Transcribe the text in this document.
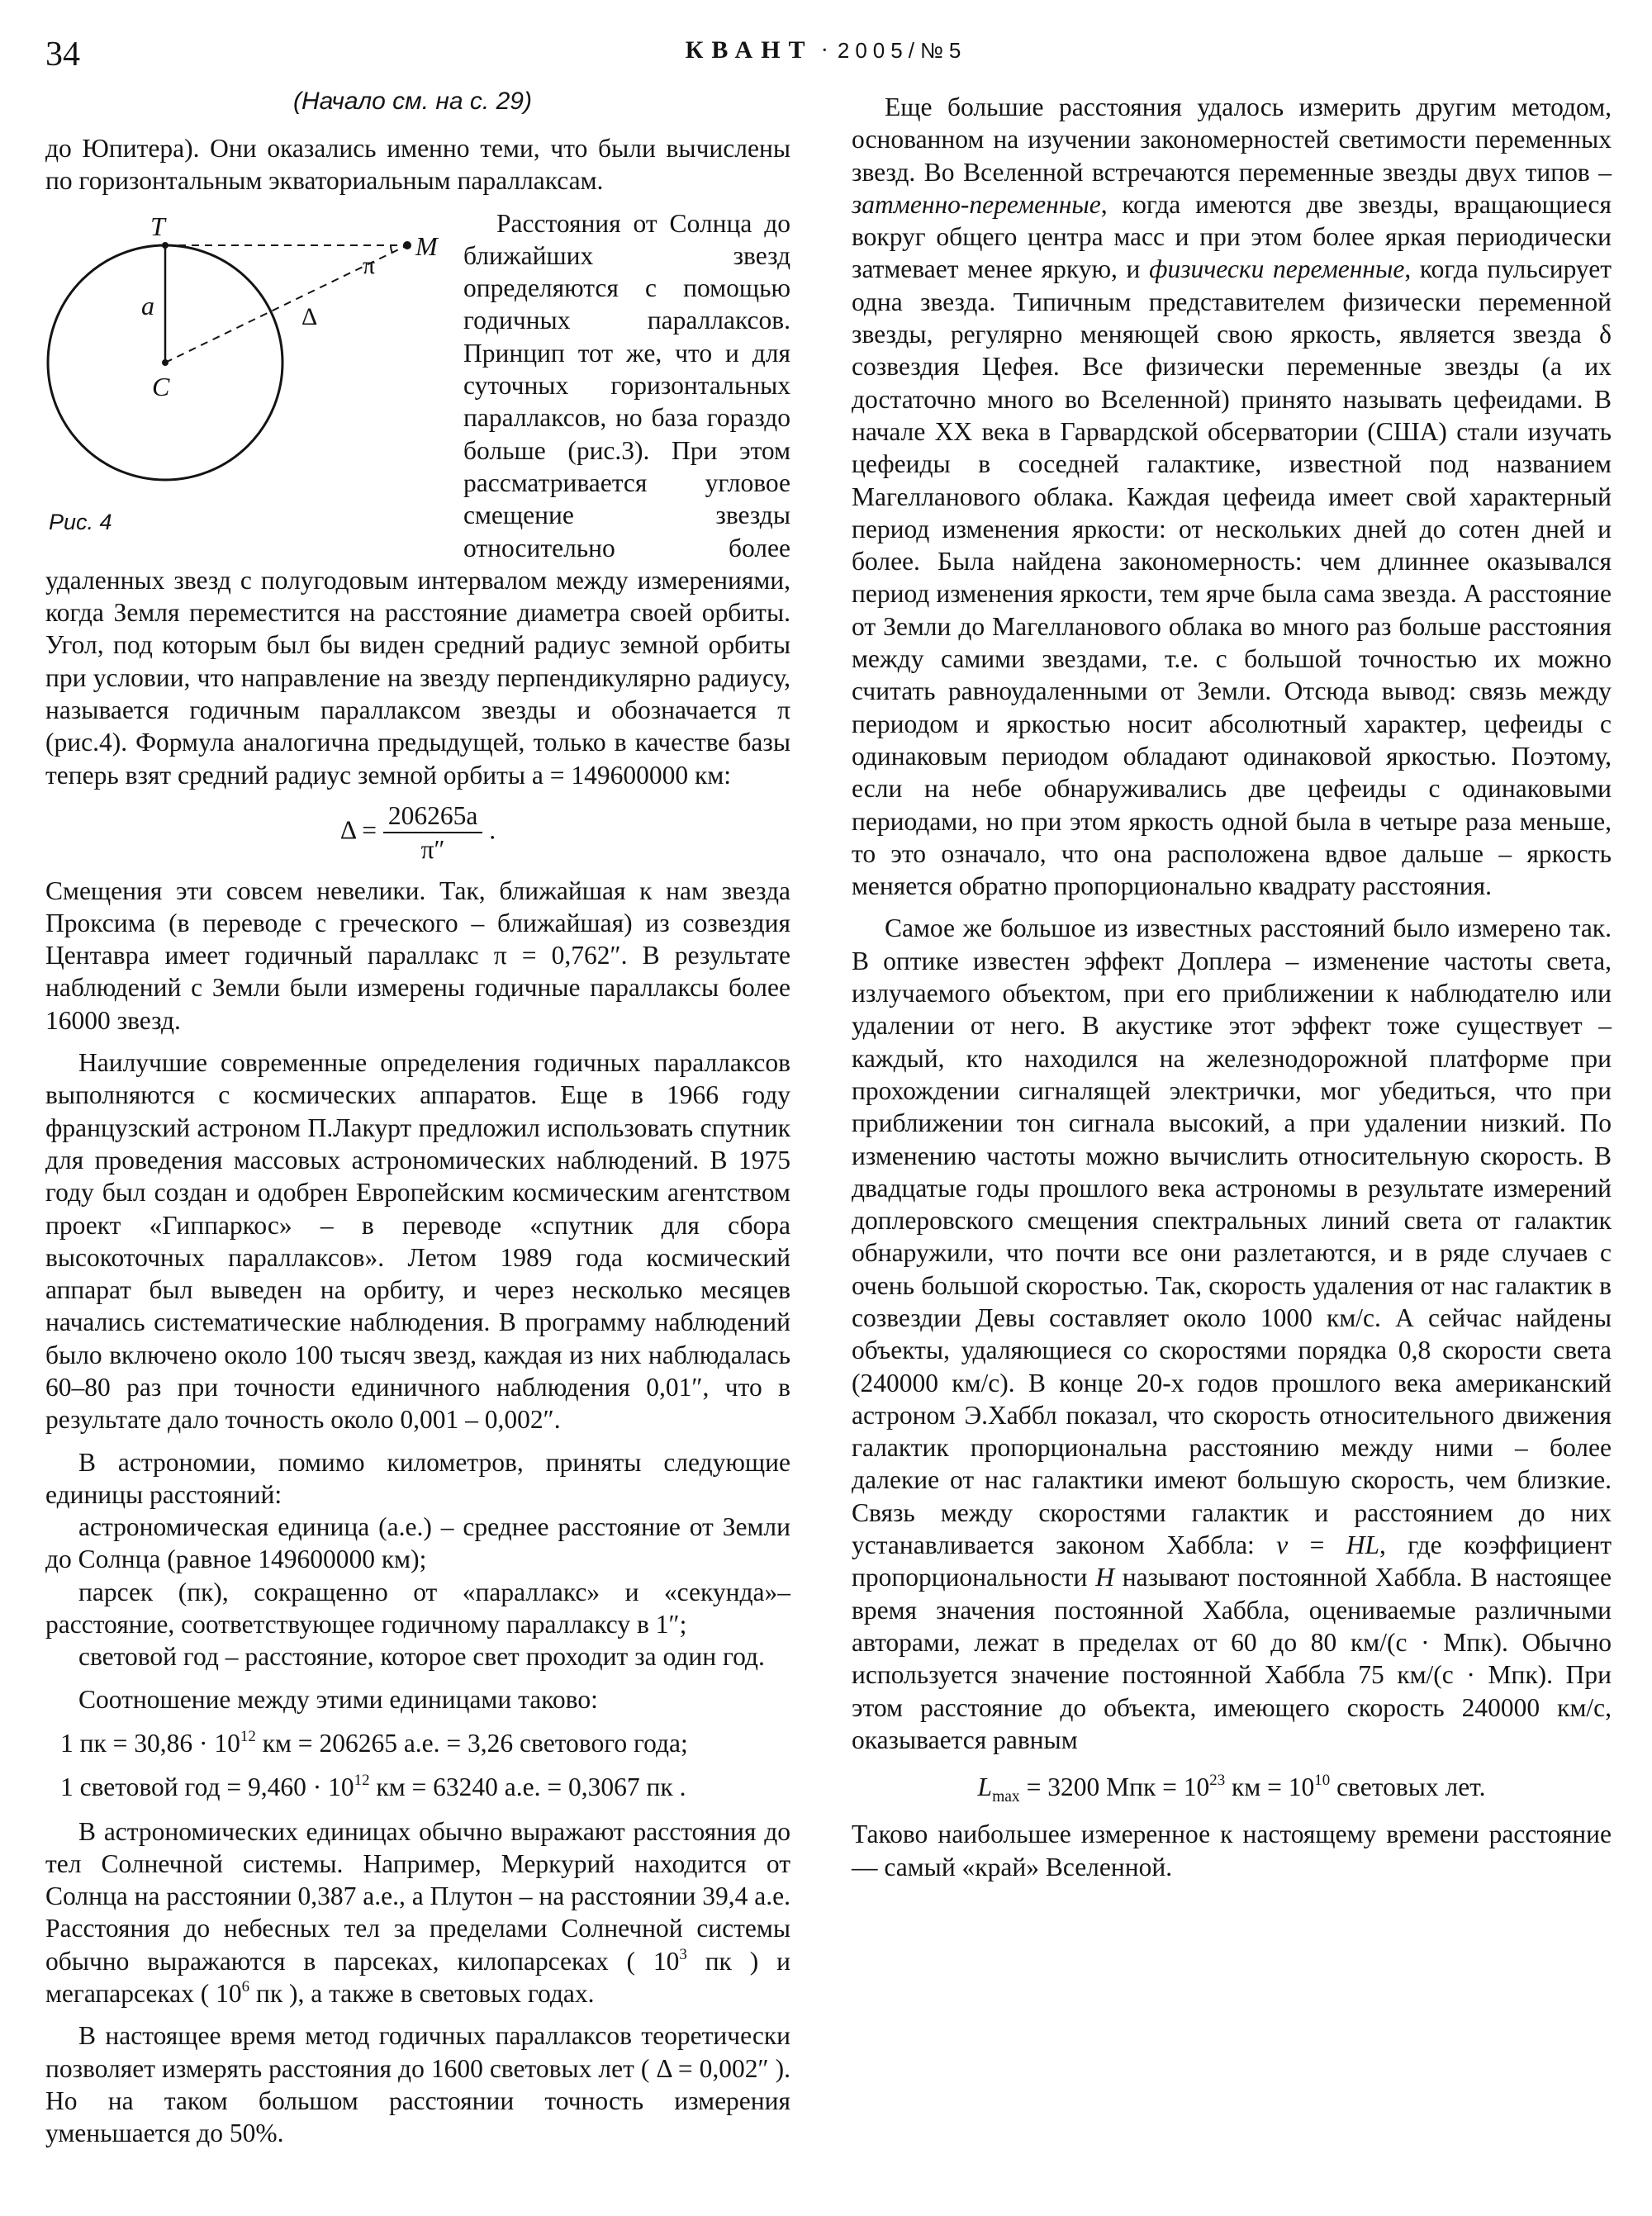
34	КВАНТ · 2005/№5
(Начало см. на с. 29)

до Юпитера). Они оказались именно теми, что были вычислены по горизонтальным экваториальным параллаксам.

T
M
C
a
π
Δ
Рис. 4

Расстояния от Солнца до ближайших звезд определяются с помощью годичных параллаксов. Принцип тот же, что и для суточных горизонтальных параллаксов, но база гораздо больше (рис.3). При этом рассматривается угловое смещение звезды относительно более удаленных звезд с полугодовым интервалом между измерениями, когда Земля переместится на расстояние диаметра своей орбиты. Угол, под которым был бы виден средний радиус земной орбиты при условии, что направление на звезду перпендикулярно радиусу, называется годичным параллаксом звезды и обозначается π (рис.4). Формула аналогична предыдущей, только в качестве базы теперь взят средний радиус земной орбиты a = 149600000 км:

$\Delta = \frac{206265a}{\pi''}$ .

Смещения эти совсем невелики. Так, ближайшая к нам звезда Проксима (в переводе с греческого – ближайшая) из созвездия Центавра имеет годичный параллакс π = 0,762″. В результате наблюдений с Земли были измерены годичные параллаксы более 16000 звезд.

Наилучшие современные определения годичных параллаксов выполняются с космических аппаратов. Еще в 1966 году французский астроном П.Лакурт предложил использовать спутник для проведения массовых астрономических наблюдений. В 1975 году был создан и одобрен Европейским космическим агентством проект «Гиппаркос» – в переводе «спутник для сбора высокоточных параллаксов». Летом 1989 года космический аппарат был выведен на орбиту, и через несколько месяцев начались систематические наблюдения. В программу наблюдений было включено около 100 тысяч звезд, каждая из них наблюдалась 60–80 раз при точности единичного наблюдения 0,01″, что в результате дало точность около 0,001 – 0,002″.

В астрономии, помимо километров, приняты следующие единицы расстояний:

астрономическая единица (а.е.) – среднее расстояние от Земли до Солнца (равное 149600000 км);

парсек (пк), сокращенно от «параллакс» и «секунда»– расстояние, соответствующее годичному параллаксу в 1″;

световой год – расстояние, которое свет проходит за один год.

Соотношение между этими единицами таково:

1 пк = $30,86 \cdot 10^{12}$ км = 206265 а.е. = 3,26 светового года;
1 световой год = $9,460 \cdot 10^{12}$ км = 63240 а.е. = 0,3067 пк .

В астрономических единицах обычно выражают расстояния до тел Солнечной системы. Например, Меркурий находится от Солнца на расстоянии 0,387 а.е., а Плутон – на расстоянии 39,4 а.е. Расстояния до небесных тел за пределами Солнечной системы обычно выражаются в парсеках, килопарсеках ( $10^3$ пк ) и мегапарсеках ( $10^6$ пк ), а также в световых годах.

В настоящее время метод годичных параллаксов теоретически позволяет измерять расстояния до 1600 световых лет ( Δ = 0,002″ ). Но на таком большом расстоянии точность измерения уменьшается до 50%.

Еще большие расстояния удалось измерить другим методом, основанном на изучении закономерностей светимости переменных звезд. Во Вселенной встречаются переменные звезды двух типов – затменно-переменные, когда имеются две звезды, вращающиеся вокруг общего центра масс и при этом более яркая периодически затмевает менее яркую, и физически переменные, когда пульсирует одна звезда. Типичным представителем физически переменной звезды, регулярно меняющей свою яркость, является звезда δ созвездия Цефея. Все физически переменные звезды (а их достаточно много во Вселенной) принято называть цефеидами. В начале XX века в Гарвардской обсерватории (США) стали изучать цефеиды в соседней галактике, известной под названием Магелланового облака. Каждая цефеида имеет свой характерный период изменения яркости: от нескольких дней до сотен дней и более. Была найдена закономерность: чем длиннее оказывался период изменения яркости, тем ярче была сама звезда. А расстояние от Земли до Магелланового облака во много раз больше расстояния между самими звездами, т.е. с большой точностью их можно считать равноудаленными от Земли. Отсюда вывод: связь между периодом и яркостью носит абсолютный характер, цефеиды с одинаковым периодом обладают одинаковой яркостью. Поэтому, если на небе обнаруживались две цефеиды с одинаковыми периодами, но при этом яркость одной была в четыре раза меньше, то это означало, что она расположена вдвое дальше – яркость меняется обратно пропорционально квадрату расстояния.

Самое же большое из известных расстояний было измерено так. В оптике известен эффект Доплера – изменение частоты света, излучаемого объектом, при его приближении к наблюдателю или удалении от него. В акустике этот эффект тоже существует – каждый, кто находился на железнодорожной платформе при прохождении сигналящей электрички, мог убедиться, что при приближении тон сигнала высокий, а при удалении низкий. По изменению частоты можно вычислить относительную скорость. В двадцатые годы прошлого века астрономы в результате измерений доплеровского смещения спектральных линий света от галактик обнаружили, что почти все они разлетаются, и в ряде случаев с очень большой скоростью. Так, скорость удаления от нас галактик в созвездии Девы составляет около 1000 км/с. А сейчас найдены объекты, удаляющиеся со скоростями порядка 0,8 скорости света (240000 км/с). В конце 20-х годов прошлого века американский астроном Э.Хаббл показал, что скорость относительного движения галактик пропорциональна расстоянию между ними – более далекие от нас галактики имеют большую скорость, чем близкие. Связь между скоростями галактик и расстоянием до них устанавливается законом Хаббла: v = HL, где коэффициент пропорциональности H называют постоянной Хаббла. В настоящее время значения постоянной Хаббла, оцениваемые различными авторами, лежат в пределах от 60 до 80 км/(с · Мпк). Обычно используется значение постоянной Хаббла 75 км/(с · Мпк). При этом расстояние до объекта, имеющего скорость 240000 км/с, оказывается равным

$L_{max} = 3200$ Мпк = $10^{23}$ км = $10^{10}$ световых лет.

Таково наибольшее измеренное к настоящему времени расстояние — самый «край» Вселенной.
